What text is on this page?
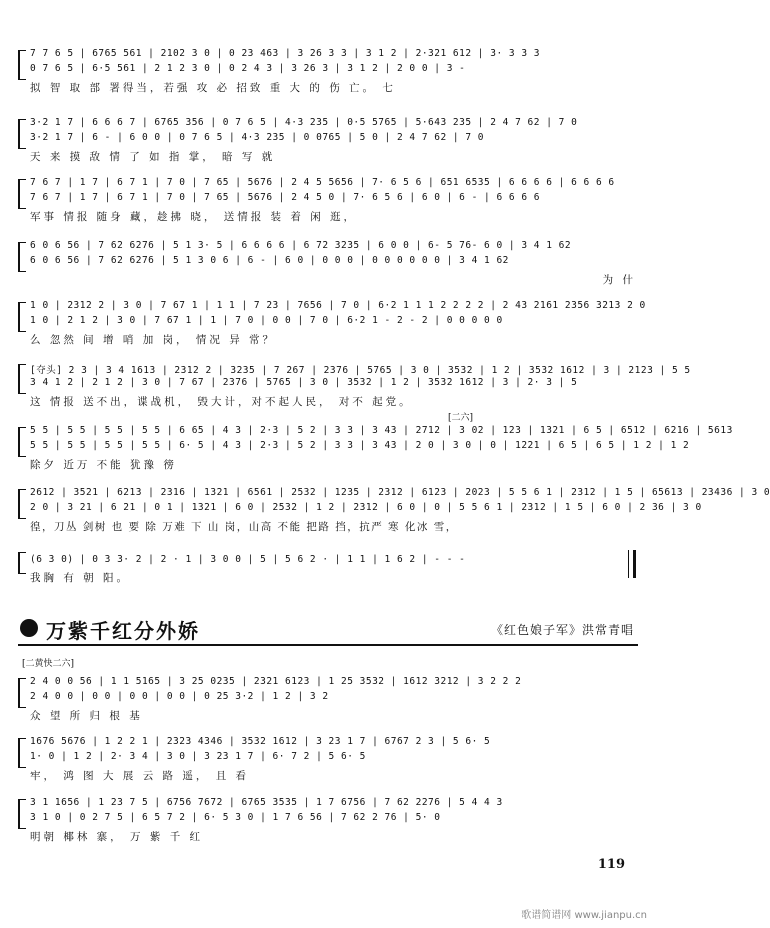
7 7 6 5 | 6765 561 | 2102 3 0 | 0 23 463 | 3 26 3 3 | 3 1 2 | 2·321 612 | 3· 3 3 3
0 7 6 5 | 6·5 561 | 2 1 2 3 0 | 0 2 4 3 | 3 26 3 | 3 1 2 | 2 0 0 | 3 -
拟 智 取 部 署得当，若强 攻 必 招致 重 大 的 伤 亡。 七
3·2 1 7 | 6 6 6 7 | 6765 356 | 0 7 6 5 | 4·3 235 | 0·5 5765 | 5·643 235 | 2 4 7 62 | 7 0
3·2 1 7 | 6 - | 6 0 0 | 0 7 6 5 | 4·3 235 | 0 0765 | 5 0 | 2 4 7 62 | 7 0
天 来 摸 敌 情 了 如 指 掌， 暗 写 就
7 6 7 | 1 7 | 6 7 1 | 7 0 | 7 65 | 5676 | 2 4 5 5656 | 7· 6 5 6 | 651 6535 | 6 6 6 6 | 6 6 6 6
7 6 7 | 1 7 | 6 7 1 | 7 0 | 7 65 | 5676 | 2 4 5 0 | 7· 6 5 6 | 6 0 | 6 - | 6 6 6 6
军事 情报 随身 藏，趁拂 晓， 送情报 装 着 闲 逛，
6 0 6 56 | 7 62 6276 | 5 1 3· 5 | 6 6 6 6 | 6 72 3235 | 6 0 0 | 6- 5 76- 6 0 | 3 4 1 62
6 0 6 56 | 7 62 6276 | 5 1 3 0 6 | 6 - | 6 0 | 0 0 0 | 0 0 0 0 0 0 | 3 4 1 62
为 什
1 0 | 2312 2 | 3 0 | 7 67 1 | 1 1 | 7 23 | 7656 | 7 0 | 6·2 1 1 1 2 2 2 2 | 2 43 2161 2356 3213 2 0
1 0 | 2 1 2 | 3 0 | 7 67 1 | 1 | 7 0 | 0 0 | 7 0 | 6·2 1 - 2 - 2 | 0 0 0 0 0
么 忽然 间 增 哨 加 岗， 情况 异 常？
[夺头] 2 3 | 3 4 1613 | 2312 2 | 3235 | 7 267 | 2376 | 5765 | 3 0 | 3532 | 1 2 | 3532 1612 | 3 | 2123 | 5 5
3 4 1 2 | 2 1 2 | 3 0 | 7 67 | 2376 | 5765 | 3 0 | 3532 | 1 2 | 3532 1612 | 3 | 2· 3 | 5
这 情报 送不出，谍战机， 毁大计，对不起人民， 对不 起党。
[二六]
5 5 | 5 5 | 5 5 | 5 5 | 6 65 | 4 3 | 2·3 | 5 2 | 3 3 | 3 43 | 2712 | 3 02 | 123 | 1321 | 6 5 | 6512 | 6216 | 5613
5 5 | 5 5 | 5 5 | 5 5 | 6· 5 | 4 3 | 2·3 | 5 2 | 3 3 | 3 43 | 2 0 | 3 0 | 0 | 1221 | 6 5 | 6 5 | 1 2 | 1 2
除夕 近万 不能 犹豫 徬
2612 | 3521 | 6213 | 2316 | 1321 | 6561 | 2532 | 1235 | 2312 | 6123 | 2023 | 5 5 6 1 | 2312 | 1 5 | 65613 | 23436 | 3 0
2 0 | 3 21 | 6 21 | 0 1 | 1321 | 6 0 | 2532 | 1 2 | 2312 | 6 0 | 0 | 5 5 6 1 | 2312 | 1 5 | 6 0 | 2 36 | 3 0
徨，刀丛 剑树 也 要 除 万难 下 山 岗，山高 不能 把路 挡，抗严 寒 化冰 雪，
(6 3 0) | 0 3 3· 2 | 2 · 1 | 3 0 0 | 5 | 5 6 2 · | 1 1 | 1 6 2 | - - -
我胸 有 朝 阳。
万紫千红分外娇	《红色娘子军》洪常青唱
[二黄快二六]
2 4 0 0 56 | 1 1 5165 | 3 25 0235 | 2321 6123 | 1 25 3532 | 1612 3212 | 3 2 2 2
2 4 0 0 | 0 0 | 0 0 | 0 0 | 0 25 3·2 | 1 2 | 3 2
众 望 所 归 根 基
1676 5676 | 1 2 2 1 | 2323 4346 | 3532 1612 | 3 23 1 7 | 6767 2 3 | 5 6· 5
1· 0 | 1 2 | 2· 3 4 | 3 0 | 3 23 1 7 | 6· 7 2 | 5 6· 5
牢， 鸿 图 大 展 云 路 遥， 且 看
3 1 1656 | 1 23 7 5 | 6756 7672 | 6765 3535 | 1 7 6756 | 7 62 2276 | 5 4 4 3
3 1 0 | 0 2 7 5 | 6 5 7 2 | 6· 5 3 0 | 1 7 6 56 | 7 62 2 76 | 5· 0
明朝 椰林 寨， 万 紫 千 红
119
歌谱简谱网 www.jianpu.cn
